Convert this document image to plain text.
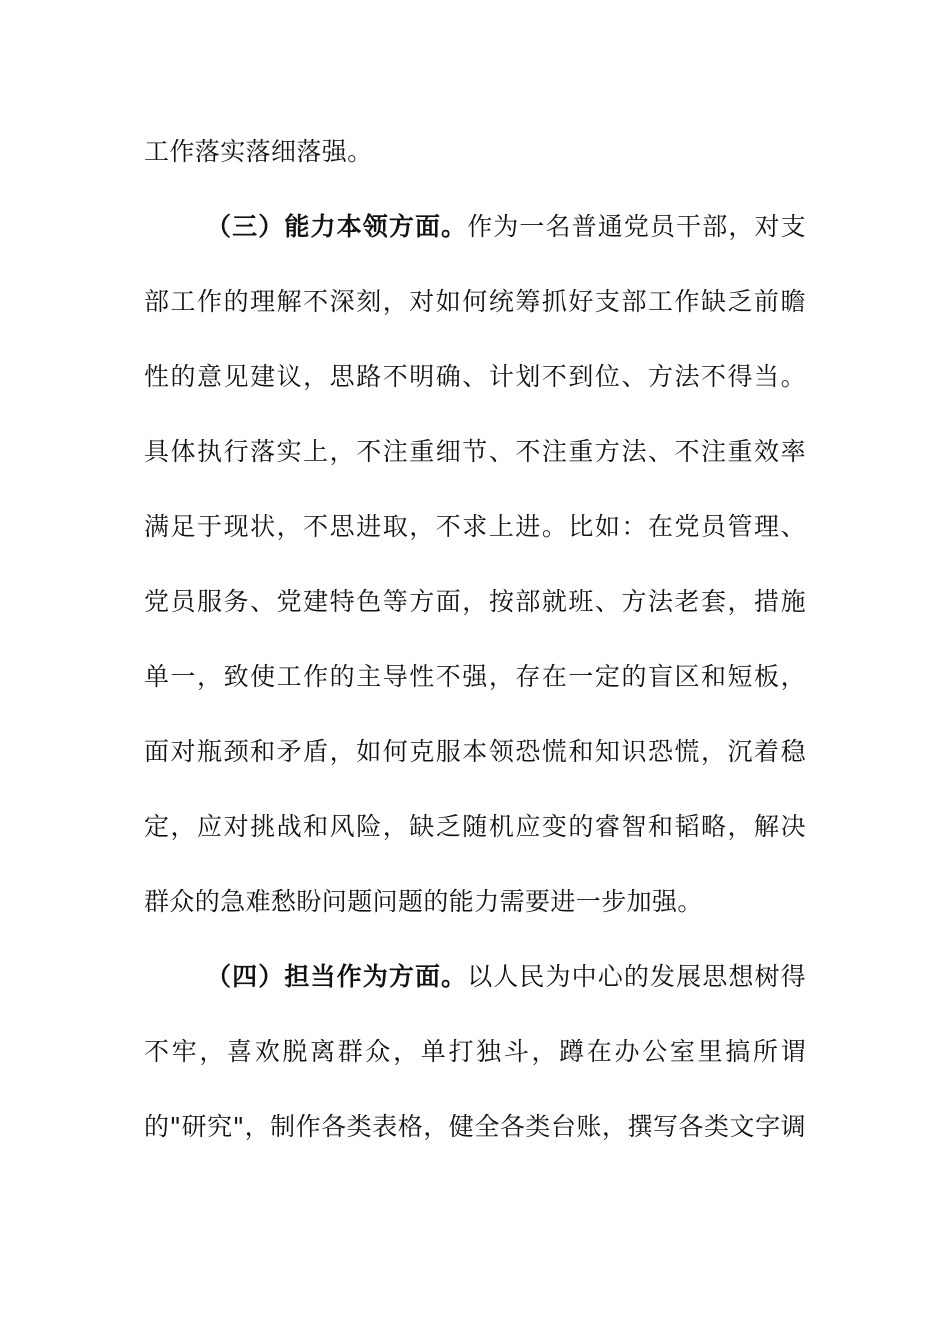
工作落实落细落强。
（三）能力本领方面。作为一名普通党员干部，对支
部工作的理解不深刻，对如何统筹抓好支部工作缺乏前瞻
性的意见建议，思路不明确、计划不到位、方法不得当。
具体执行落实上，不注重细节、不注重方法、不注重效率
满足于现状，不思进取，不求上进。比如：在党员管理、
党员服务、党建特色等方面，按部就班、方法老套，措施
单一，致使工作的主导性不强，存在一定的盲区和短板，
面对瓶颈和矛盾，如何克服本领恐慌和知识恐慌，沉着稳
定，应对挑战和风险，缺乏随机应变的睿智和韬略，解决
群众的急难愁盼问题问题的能力需要进一步加强。
（四）担当作为方面。以人民为中心的发展思想树得
不牢，喜欢脱离群众，单打独斗，蹲在办公室里搞所谓
的"研究"，制作各类表格，健全各类台账，撰写各类文字调
